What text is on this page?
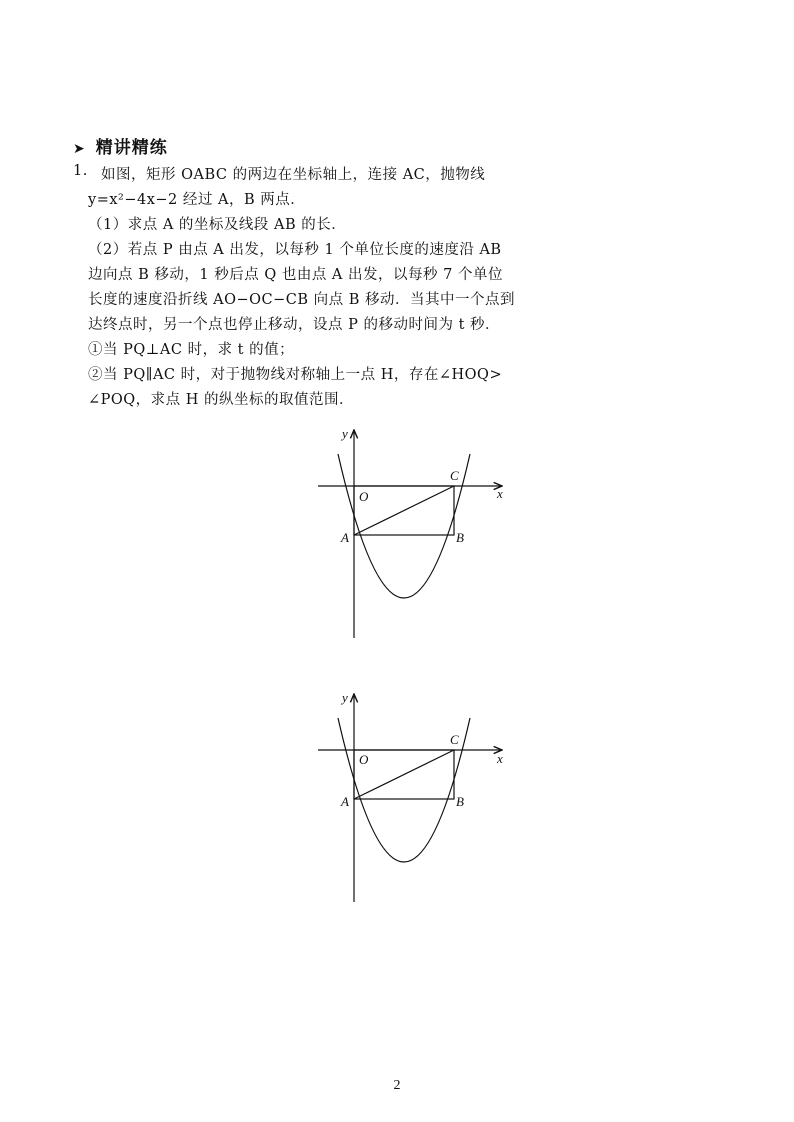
➤ 精讲精练
1. 如图，矩形 OABC 的两边在坐标轴上，连接 AC，抛物线
y=x²−4x−2 经过 A，B 两点．
（1）求点 A 的坐标及线段 AB 的长．
（2）若点 P 由点 A 出发，以每秒 1 个单位长度的速度沿 AB
边向点 B 移动，1 秒后点 Q 也由点 A 出发，以每秒 7 个单位
长度的速度沿折线 AO−OC−CB 向点 B 移动．当其中一个点到
达终点时，另一个点也停止移动，设点 P 的移动时间为 t 秒．
①当 PQ⊥AC 时，求 t 的值；
②当 PQ∥AC 时，对于抛物线对称轴上一点 H，存在∠HOQ>
∠POQ，求点 H 的纵坐标的取值范围．
y
x
O
C
A	B
y
x
O
C
A	B
2
